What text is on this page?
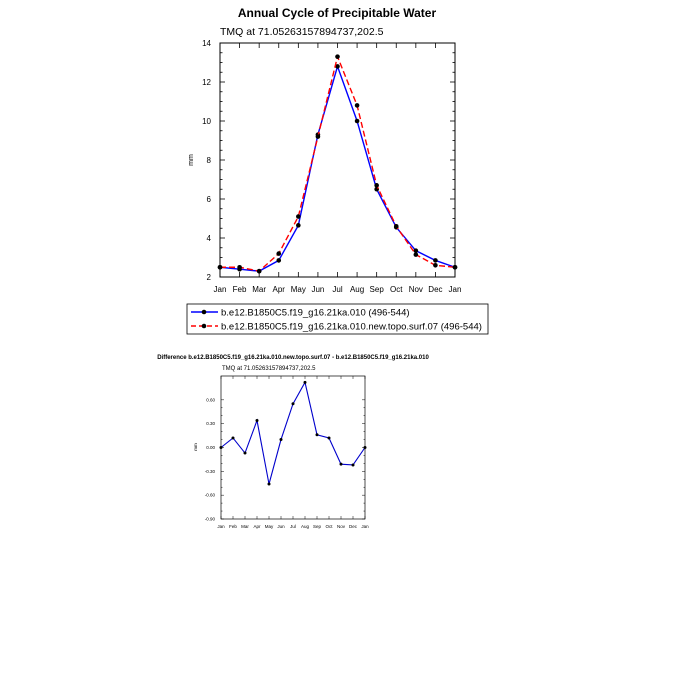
Annual Cycle of Precipitable Water
TMQ at 71.05263157894737,202.5
mm
Jan Feb Mar Apr May Jun Jul Aug Sep Oct Nov Dec Jan
2
4
6
8
10
12
14
b.e12.B1850C5.f19_g16.21ka.010 (496-544)
b.e12.B1850C5.f19_g16.21ka.010.new.topo.surf.07 (496-544)
Difference b.e12.B1850C5.f19_g16.21ka.010.new.topo.surf.07 - b.e12.B1850C5.f19_g16.21ka.010
TMQ at 71.05263157894737,202.5
mm
Jan Feb Mar Apr May Jun Jul Aug Sep Oct Nov Dec Jan
-0.90
-0.60
-0.30
0.00
0.30
0.60
